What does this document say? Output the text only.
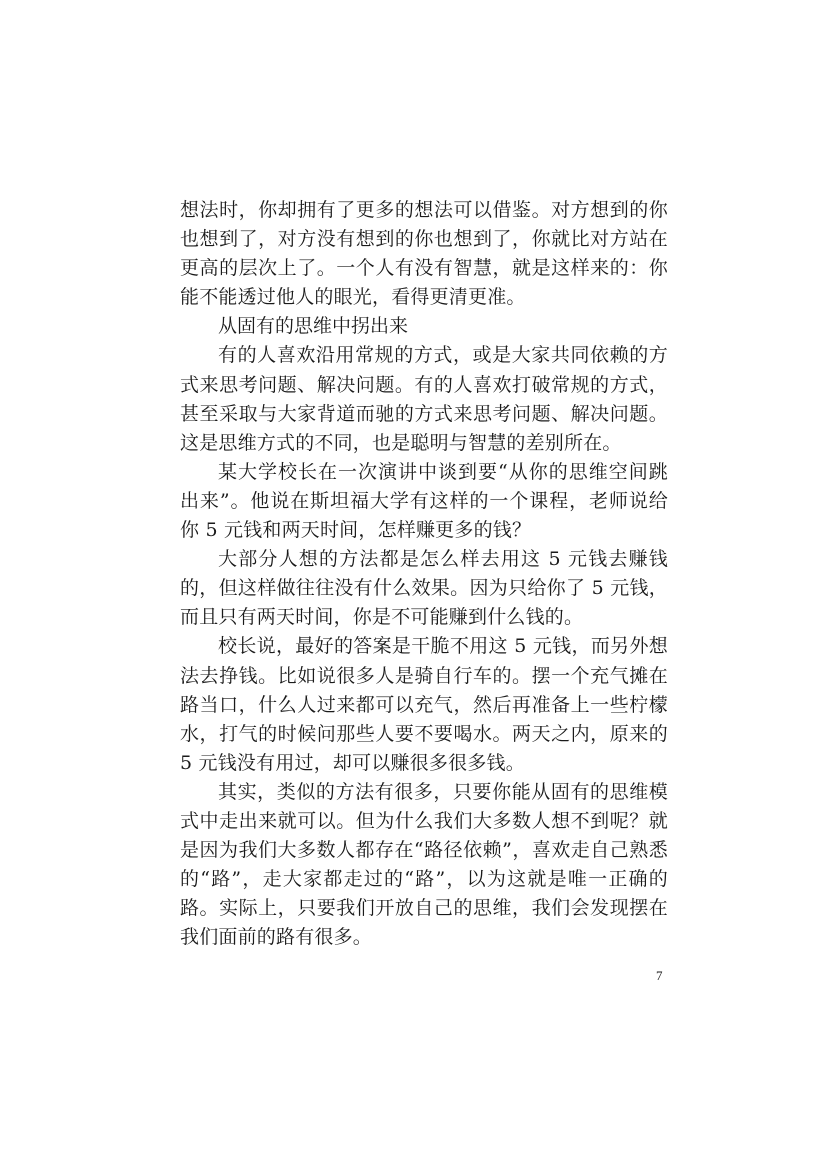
想法时，你却拥有了更多的想法可以借鉴。对方想到的你也想到了，对方没有想到的你也想到了，你就比对方站在更高的层次上了。一个人有没有智慧，就是这样来的：你能不能透过他人的眼光，看得更清更准。

从固有的思维中拐出来

有的人喜欢沿用常规的方式，或是大家共同依赖的方式来思考问题、解决问题。有的人喜欢打破常规的方式，甚至采取与大家背道而驰的方式来思考问题、解决问题。这是思维方式的不同，也是聪明与智慧的差别所在。

某大学校长在一次演讲中谈到要“从你的思维空间跳出来”。他说在斯坦福大学有这样的一个课程，老师说给你 5 元钱和两天时间，怎样赚更多的钱？

大部分人想的方法都是怎么样去用这 5 元钱去赚钱的，但这样做往往没有什么效果。因为只给你了 5 元钱，而且只有两天时间，你是不可能赚到什么钱的。

校长说，最好的答案是干脆不用这 5 元钱，而另外想法去挣钱。比如说很多人是骑自行车的。摆一个充气摊在路当口，什么人过来都可以充气，然后再准备上一些柠檬水，打气的时候问那些人要不要喝水。两天之内，原来的 5 元钱没有用过，却可以赚很多很多钱。

其实，类似的方法有很多，只要你能从固有的思维模式中走出来就可以。但为什么我们大多数人想不到呢？就是因为我们大多数人都存在“路径依赖”，喜欢走自己熟悉的“路”，走大家都走过的“路”，以为这就是唯一正确的路。实际上，只要我们开放自己的思维，我们会发现摆在我们面前的路有很多。

7
